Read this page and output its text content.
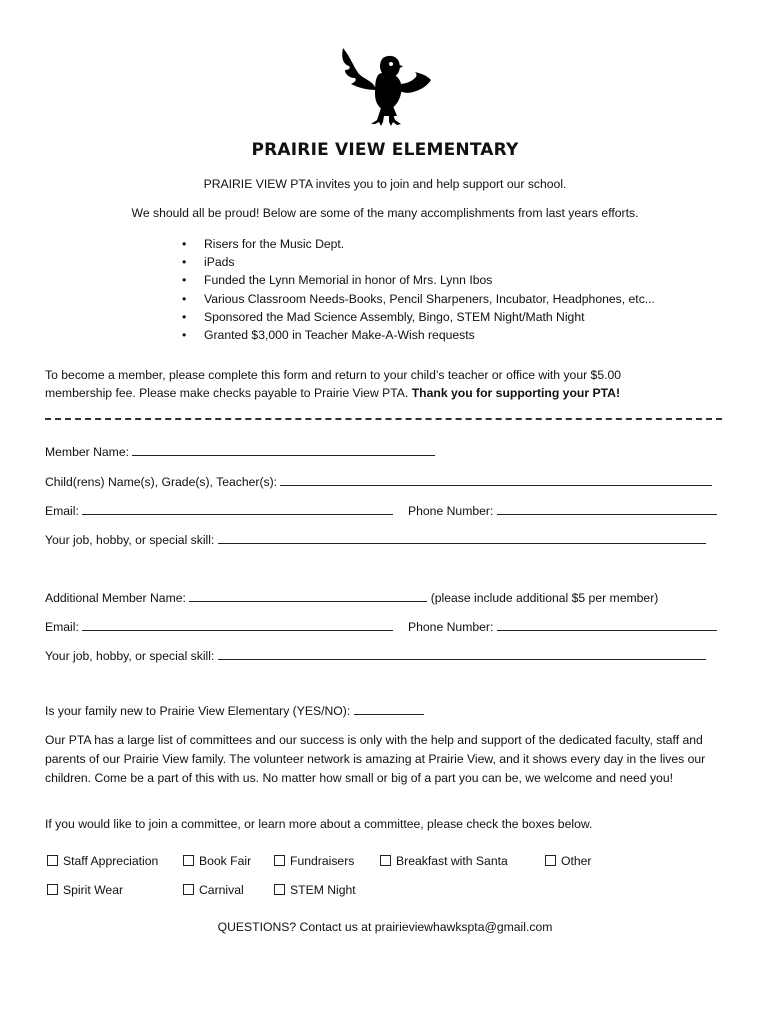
PRAIRIE VIEW ELEMENTARY
PRAIRIE VIEW PTA invites you to join and help support our school.
We should all be proud! Below are some of the many accomplishments from last years efforts.
• Risers for the Music Dept.
• iPads
• Funded the Lynn Memorial in honor of Mrs. Lynn Ibos
• Various Classroom Needs-Books, Pencil Sharpeners, Incubator, Headphones, etc...
• Sponsored the Mad Science Assembly, Bingo, STEM Night/Math Night
• Granted $3,000 in Teacher Make-A-Wish requests
To become a member, please complete this form and return to your child’s teacher or office with your $5.00
membership fee. Please make checks payable to Prairie View PTA. Thank you for supporting your PTA!
Member Name:
Child(rens) Name(s), Grade(s), Teacher(s):
Email:	Phone Number:
Your job, hobby, or special skill:
Additional Member Name:	(please include additional $5 per member)
Email:	Phone Number:
Your job, hobby, or special skill:
Is your family new to Prairie View Elementary (YES/NO):
Our PTA has a large list of committees and our success is only with the help and support of the dedicated faculty, staff and parents of our Prairie View family. The volunteer network is amazing at Prairie View, and it shows every day in the lives our children. Come be a part of this with us. No matter how small or big of a part you can be, we welcome and need you!
If you would like to join a committee, or learn more about a committee, please check the boxes below.
Staff Appreciation	Book Fair	Fundraisers	Breakfast with Santa	Other
Spirit Wear	Carnival	STEM Night
QUESTIONS? Contact us at prairieviewhawkspta@gmail.com
